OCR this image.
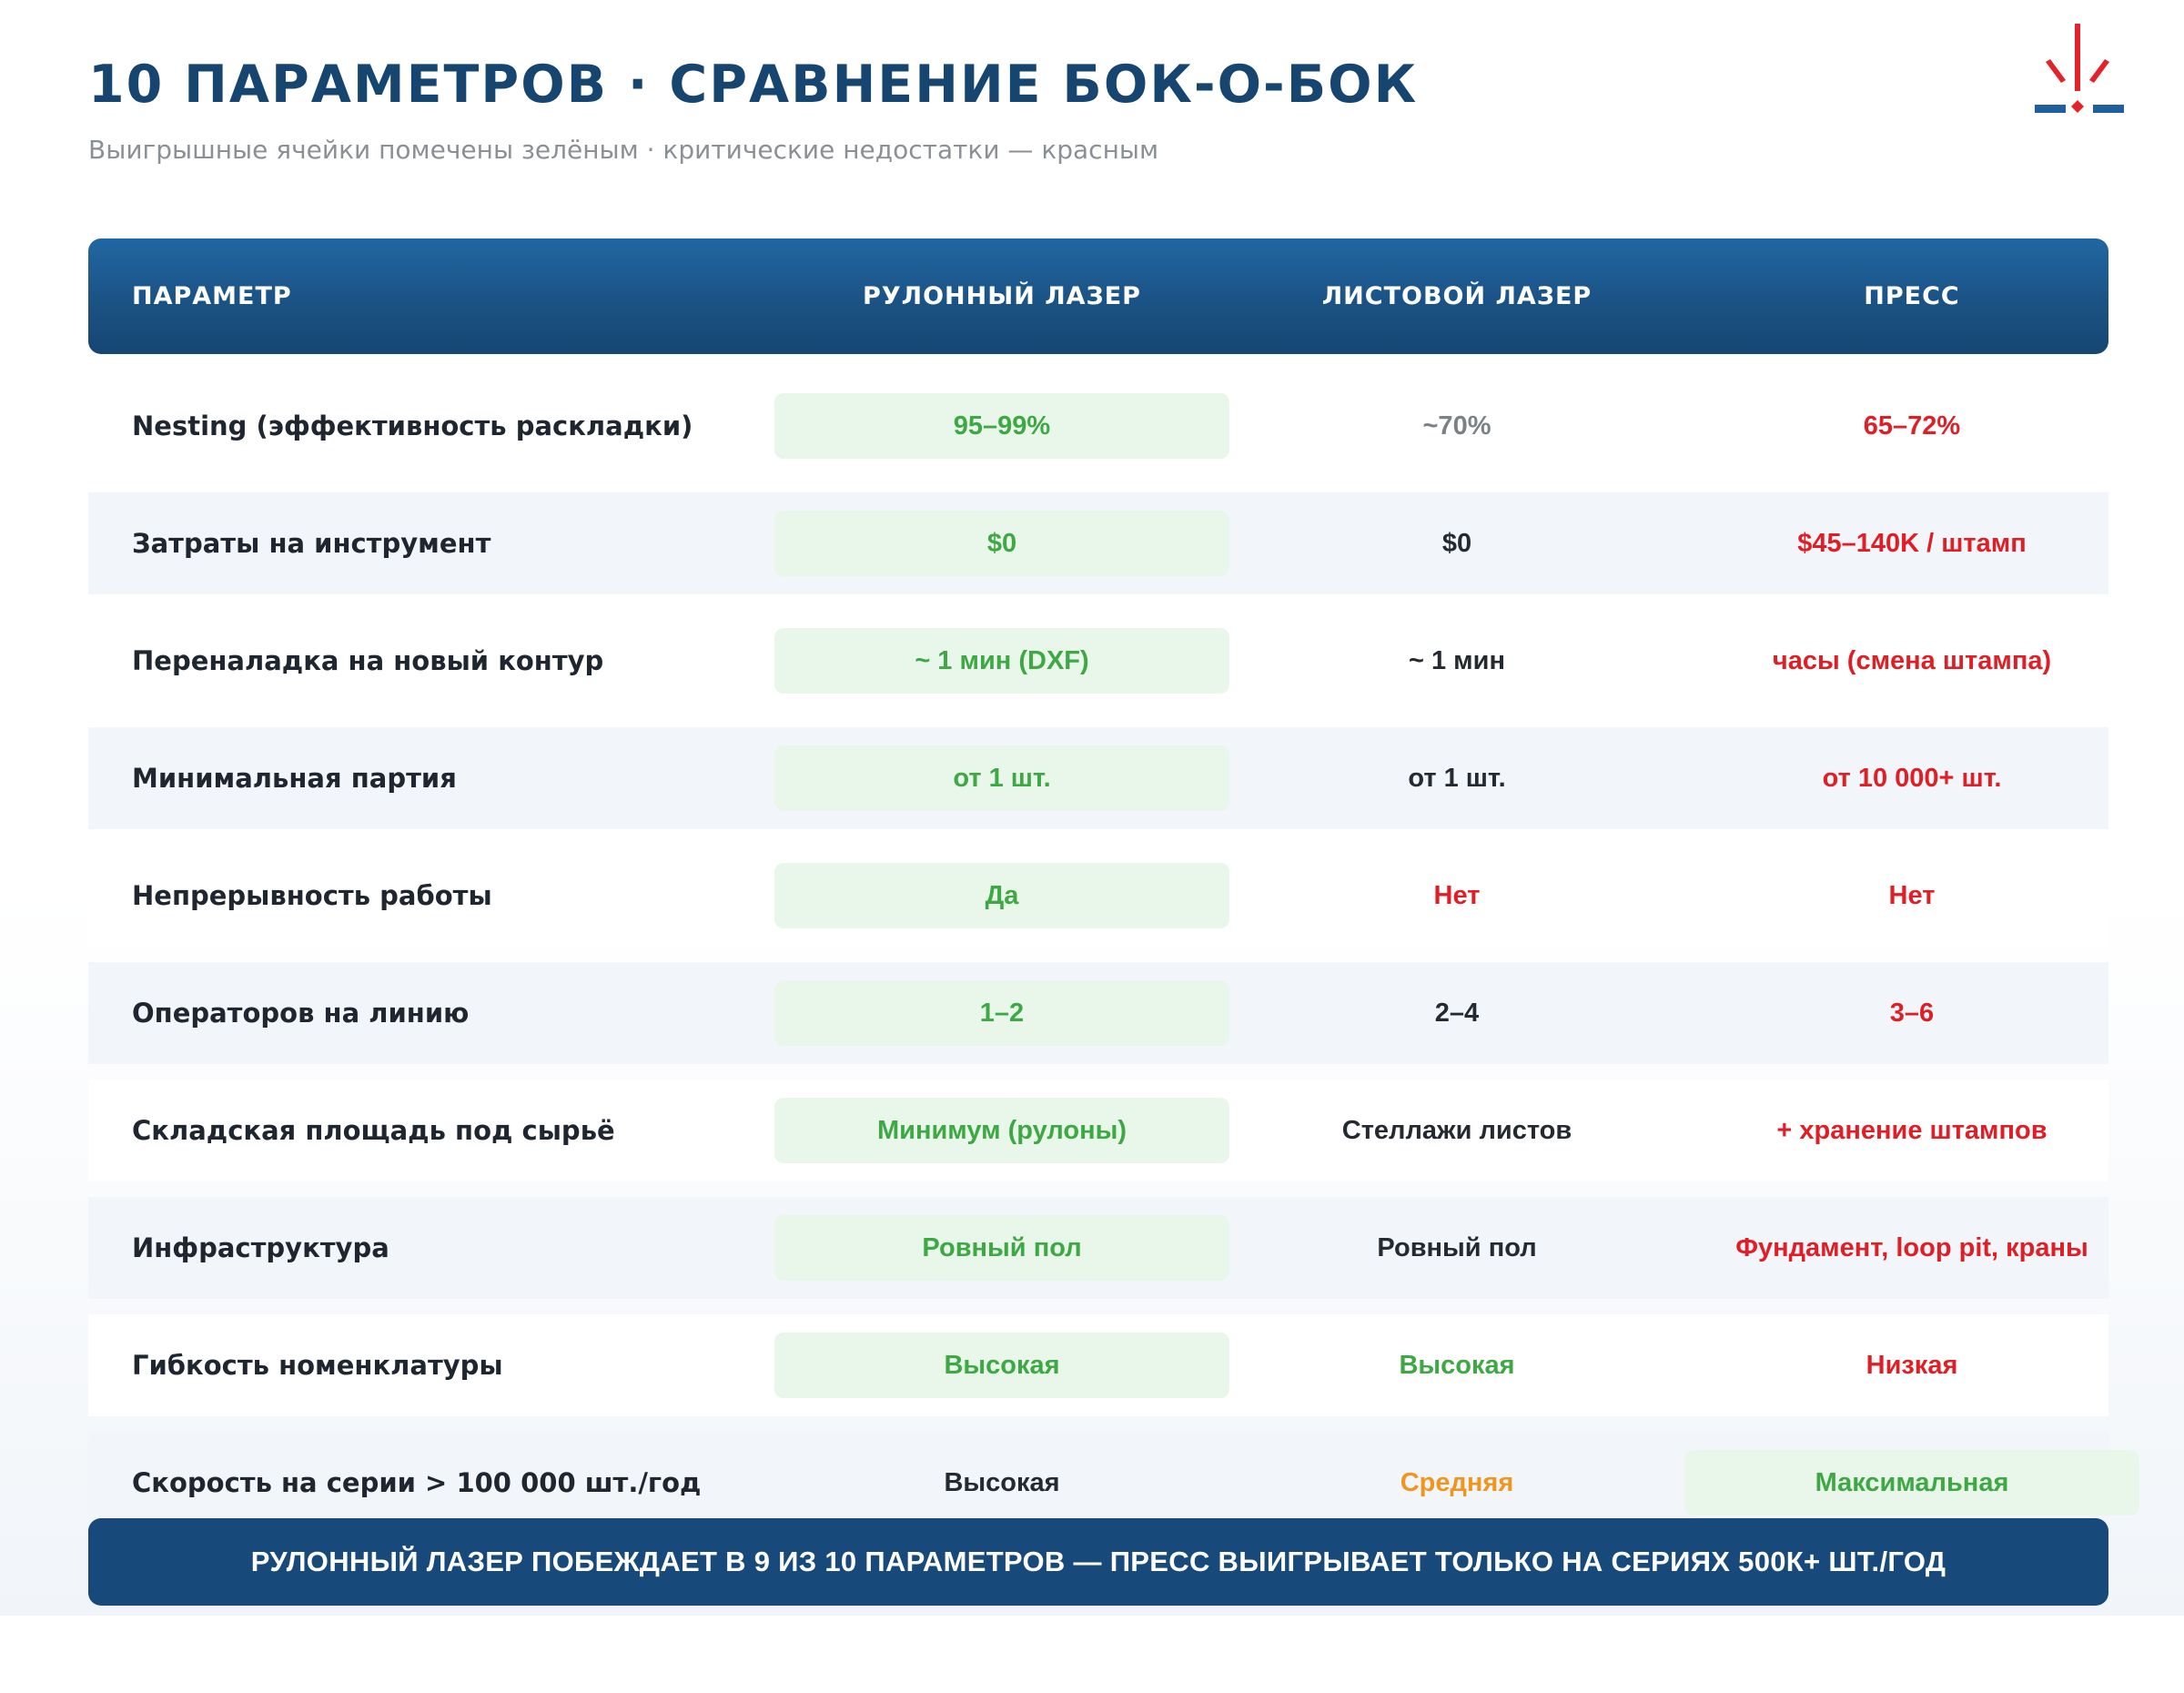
10 ПАРАМЕТРОВ · СРАВНЕНИЕ БОК-О-БОК
Выигрышные ячейки помечены зелёным · критические недостатки — красным
ПАРАМЕТР	РУЛОННЫЙ ЛАЗЕР	ЛИСТОВОЙ ЛАЗЕР	ПРЕСС
Nesting (эффективность раскладки)	95–99%	~70%	65–72%
Затраты на инструмент	$0	$0	$45–140K / штамп
Переналадка на новый контур	~ 1 мин (DXF)	~ 1 мин	часы (смена штампа)
Минимальная партия	от 1 шт.	от 1 шт.	от 10 000+ шт.
Непрерывность работы	Да	Нет	Нет
Операторов на линию	1–2	2–4	3–6
Складская площадь под сырьё	Минимум (рулоны)	Стеллажи листов	+ хранение штампов
Инфраструктура	Ровный пол	Ровный пол	Фундамент, loop pit, краны
Гибкость номенклатуры	Высокая	Высокая	Низкая
Скорость на серии > 100 000 шт./год	Высокая	Средняя	Максимальная
РУЛОННЫЙ ЛАЗЕР ПОБЕЖДАЕТ В 9 ИЗ 10 ПАРАМЕТРОВ — ПРЕСС ВЫИГРЫВАЕТ ТОЛЬКО НА СЕРИЯХ 500К+ ШТ./ГОД
